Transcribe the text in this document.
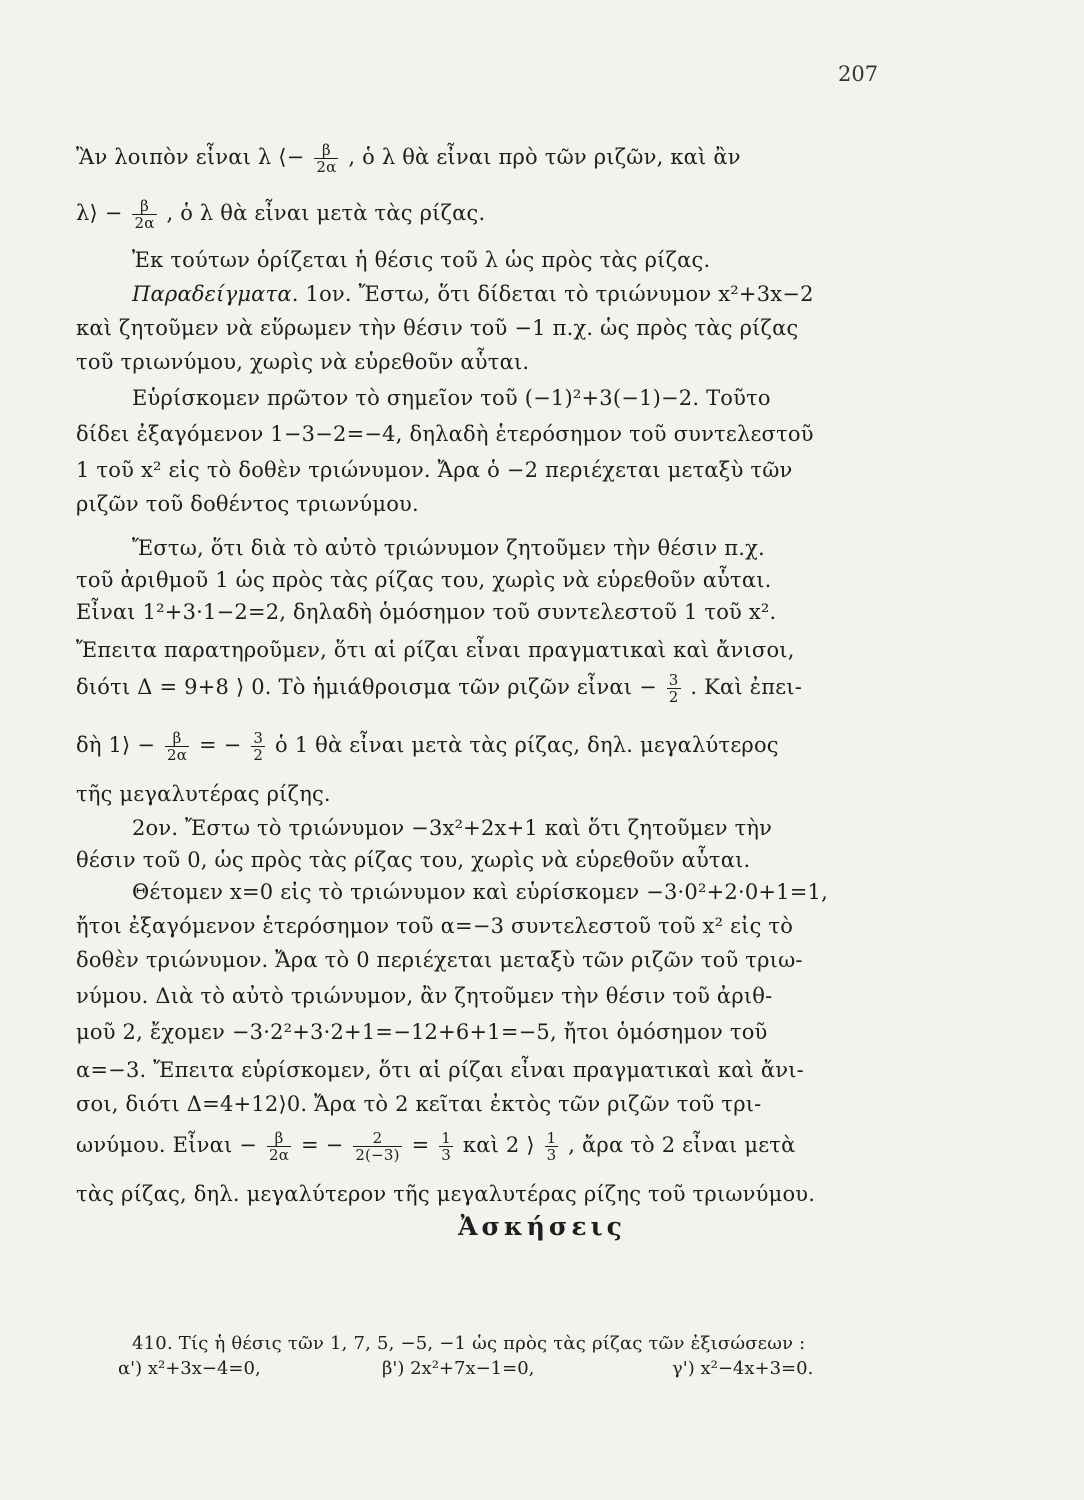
207
Ἂν λοιπὸν εἶναι λ ⟨− $\frac{\beta}{2\alpha}$ , ὁ λ θὰ εἶναι πρὸ τῶν ριζῶν, καὶ ἂν
λ⟩ − $\frac{\beta}{2\alpha}$ , ὁ λ θὰ εἶναι μετὰ τὰς ρίζας.
Ἐκ τούτων ὁρίζεται ἡ θέσις τοῦ λ ὡς πρὸς τὰς ρίζας.
Παραδείγματα. 1ον. Ἔστω, ὅτι δίδεται τὸ τριώνυμον x²+3x−2
καὶ ζητοῦμεν νὰ εὕρωμεν τὴν θέσιν τοῦ −1 π.χ. ὡς πρὸς τὰς ρίζας
τοῦ τριωνύμου, χωρὶς νὰ εὑρεθοῦν αὗται.
Εὑρίσκομεν πρῶτον τὸ σημεῖον τοῦ (−1)²+3(−1)−2. Τοῦτο
δίδει ἐξαγόμενον 1−3−2=−4, δηλαδὴ ἑτερόσημον τοῦ συντελεστοῦ
1 τοῦ x² εἰς τὸ δοθὲν τριώνυμον. Ἄρα ὁ −2 περιέχεται μεταξὺ τῶν
ριζῶν τοῦ δοθέντος τριωνύμου.
Ἔστω, ὅτι διὰ τὸ αὐτὸ τριώνυμον ζητοῦμεν τὴν θέσιν π.χ.
τοῦ ἀριθμοῦ 1 ὡς πρὸς τὰς ρίζας του, χωρὶς νὰ εὑρεθοῦν αὗται.
Εἶναι 1²+3·1−2=2, δηλαδὴ ὁμόσημον τοῦ συντελεστοῦ 1 τοῦ x².
Ἔπειτα παρατηροῦμεν, ὅτι αἱ ρίζαι εἶναι πραγματικαὶ καὶ ἄνισοι,
διότι Δ = 9+8 ⟩ 0. Τὸ ἡμιάθροισμα τῶν ριζῶν εἶναι − $\frac{3}{2}$ . Καὶ ἐπει-
δὴ 1⟩ − $\frac{\beta}{2\alpha}$ = − $\frac{3}{2}$ ὁ 1 θὰ εἶναι μετὰ τὰς ρίζας, δηλ. μεγαλύτερος
τῆς μεγαλυτέρας ρίζης.
2ον. Ἔστω τὸ τριώνυμον −3x²+2x+1 καὶ ὅτι ζητοῦμεν τὴν
θέσιν τοῦ 0, ὡς πρὸς τὰς ρίζας του, χωρὶς νὰ εὑρεθοῦν αὗται.
Θέτομεν x=0 εἰς τὸ τριώνυμον καὶ εὑρίσκομεν −3·0²+2·0+1=1,
ἤτοι ἐξαγόμενον ἑτερόσημον τοῦ α=−3 συντελεστοῦ τοῦ x² εἰς τὸ
δοθὲν τριώνυμον. Ἄρα τὸ 0 περιέχεται μεταξὺ τῶν ριζῶν τοῦ τριω-
νύμου. Διὰ τὸ αὐτὸ τριώνυμον, ἂν ζητοῦμεν τὴν θέσιν τοῦ ἀριθ-
μοῦ 2, ἔχομεν −3·2²+3·2+1=−12+6+1=−5, ἤτοι ὁμόσημον τοῦ
α=−3. Ἔπειτα εὑρίσκομεν, ὅτι αἱ ρίζαι εἶναι πραγματικαὶ καὶ ἄνι-
σοι, διότι Δ=4+12⟩0. Ἄρα τὸ 2 κεῖται ἐκτὸς τῶν ριζῶν τοῦ τρι-
ωνύμου. Εἶναι − $\frac{\beta}{2\alpha}$ = − $\frac{2}{2(-3)} = \frac{1}{3}$ καὶ 2 ⟩ $\frac{1}{3}$ , ἄρα τὸ 2 εἶναι μετὰ
τὰς ρίζας, δηλ. μεγαλύτερον τῆς μεγαλυτέρας ρίζης τοῦ τριωνύμου.
Ἀσκήσεις
410. Τίς ἡ θέσις τῶν 1, 7, 5, −5, −1 ὡς πρὸς τὰς ρίζας τῶν ἐξισώσεων :
α') x²+3x−4=0,	β') 2x²+7x−1=0,	γ') x²−4x+3=0.
